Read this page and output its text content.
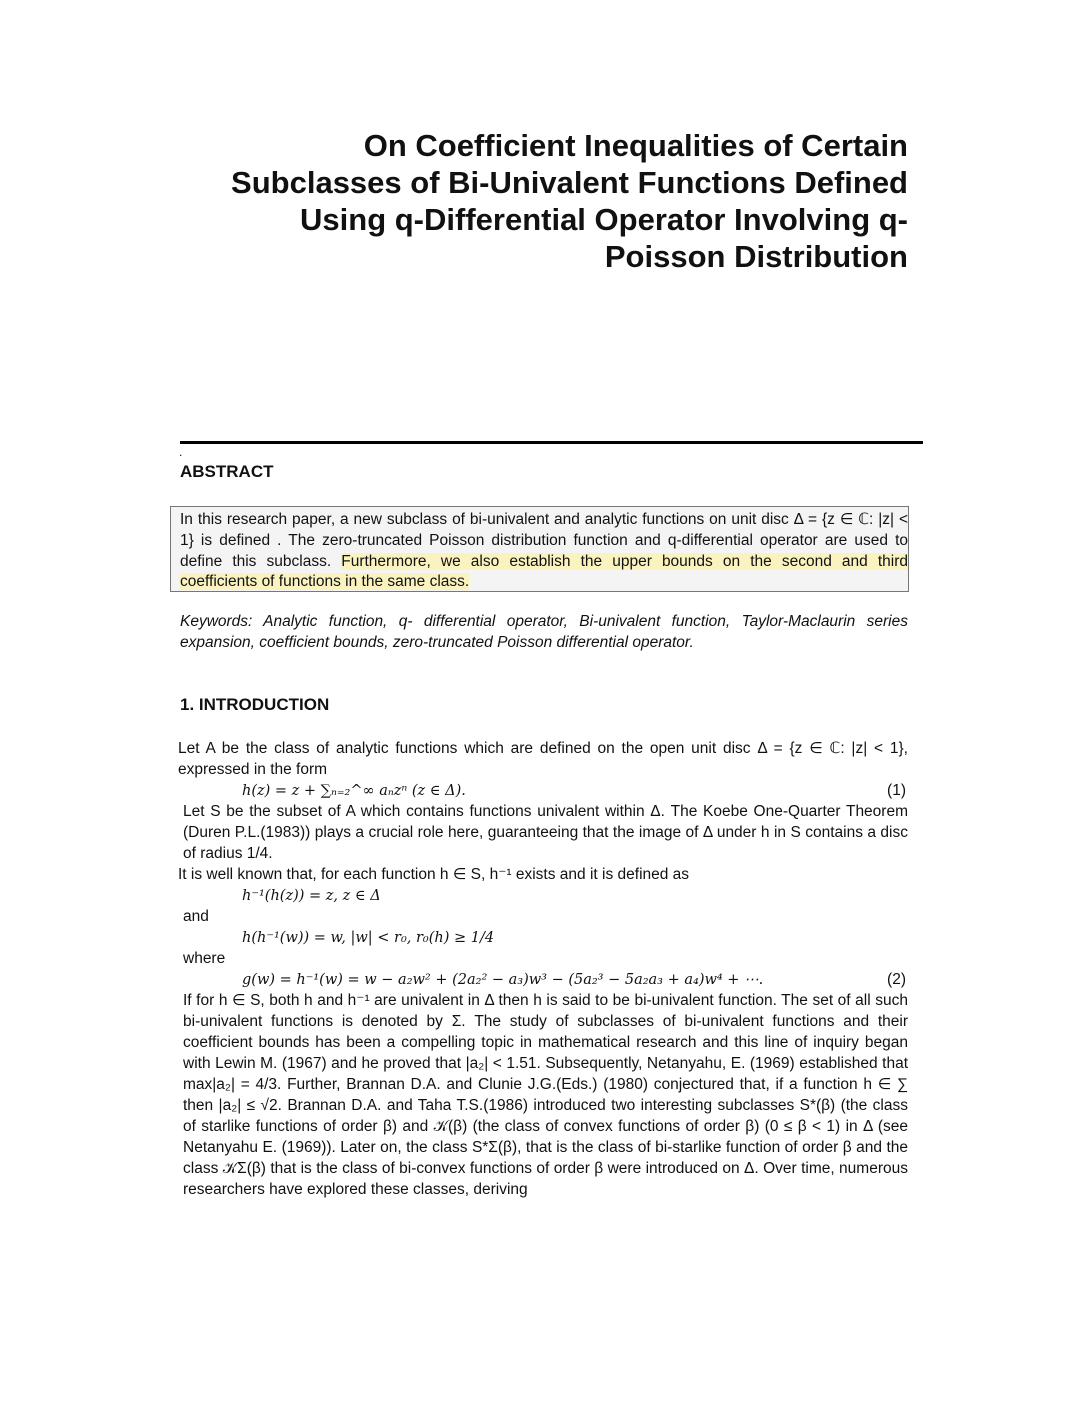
On Coefficient Inequalities of Certain
Subclasses of Bi-Univalent Functions Defined
Using q-Differential Operator Involving q-
Poisson Distribution
.
ABSTRACT
In this research paper, a new subclass of bi-univalent and analytic functions on unit disc Δ = {z ∈ ℂ: |z| < 1} is defined . The zero-truncated Poisson distribution function and q-differential operator are used to define this subclass. Furthermore, we also establish the upper bounds on the second and third coefficients of functions in the same class.

Keywords: Analytic function, q- differential operator, Bi-univalent function, Taylor-Maclaurin series expansion, coefficient bounds, zero-truncated Poisson differential operator.

1. INTRODUCTION

Let A be the class of analytic functions which are defined on the open unit disc Δ = {z ∈ ℂ: |z| < 1}, expressed in the form

h(z) = z + ∑ₙ₌₂^∞ aₙzⁿ (z ∈ Δ).	(1)

Let S be the subset of A which contains functions univalent within Δ. The Koebe One-Quarter Theorem (Duren P.L.(1983)) plays a crucial role here, guaranteeing that the image of Δ under h in S contains a disc of radius 1/4.

It is well known that, for each function h ∈ S, h⁻¹ exists and it is defined as

h⁻¹(h(z)) = z, z ∈ Δ

and

h(h⁻¹(w)) = w, |w| < r₀, r₀(h) ≥ 1/4

where

g(w) = h⁻¹(w) = w − a₂w² + (2a₂² − a₃)w³ − (5a₂³ − 5a₂a₃ + a₄)w⁴ + ⋯.	(2)

If for h ∈ S, both h and h⁻¹ are univalent in Δ then h is said to be bi-univalent function. The set of all such bi-univalent functions is denoted by Σ. The study of subclasses of bi-univalent functions and their coefficient bounds has been a compelling topic in mathematical research and this line of inquiry began with Lewin M. (1967) and he proved that |a₂| < 1.51. Subsequently, Netanyahu, E. (1969) established that max|a₂| = 4/3. Further, Brannan D.A. and Clunie J.G.(Eds.) (1980) conjectured that, if a function h ∈ ∑ then |a₂| ≤ √2. Brannan D.A. and Taha T.S.(1986) introduced two interesting subclasses S*(β) (the class of starlike functions of order β) and 𝒦(β) (the class of convex functions of order β) (0 ≤ β < 1) in Δ (see Netanyahu E. (1969)). Later on, the class S*Σ(β), that is the class of bi-starlike function of order β and the class 𝒦Σ(β) that is the class of bi-convex functions of order β were introduced on Δ. Over time, numerous researchers have explored these classes, deriving
